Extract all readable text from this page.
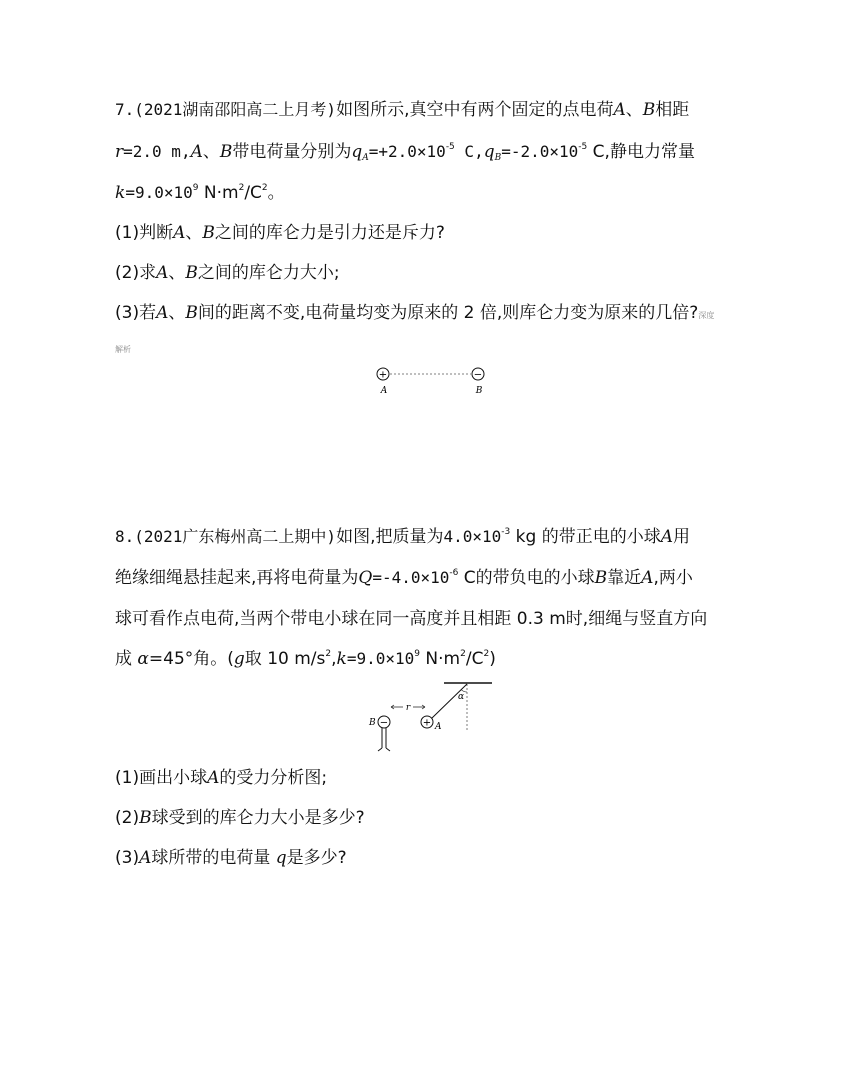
7.(2021湖南邵阳高二上月考)如图所示,真空中有两个固定的点电荷A、B相距
r=2.0 m,A、B带电荷量分别为$q_A=+2.0\times 10^{-5}$ $C,q_B=-2.0\times 10^{-5}$ C,静电力常量
$k=9.0\times 10^9$ $N\cdot m^2/C^2$。
(1)判断A、B之间的库仑力是引力还是斥力?
(2)求A、B之间的库仑力大小;
(3)若A、B间的距离不变,电荷量均变为原来的 2 倍,则库仑力变为原来的几倍?深度
解析
+	−
A	B
8.(2021广东梅州高二上期中)如图,把质量为$4.0\times 10^{-3}$ kg 的带正电的小球A用
绝缘细绳悬挂起来,再将电荷量为$Q=-4.0\times 10^{-6}$ C的带负电的小球B靠近A,两小
球可看作点电荷,当两个带电小球在同一高度并且相距 0.3 m时,细绳与竖直方向
成 α=45°角。(g取 10 $m/s^2,k=9.0\times 10^9$ $N\cdot m^2/C^2$)
α
+ A
B −
r
(1)画出小球A的受力分析图;
(2)B球受到的库仑力大小是多少?
(3)A球所带的电荷量 q是多少?
